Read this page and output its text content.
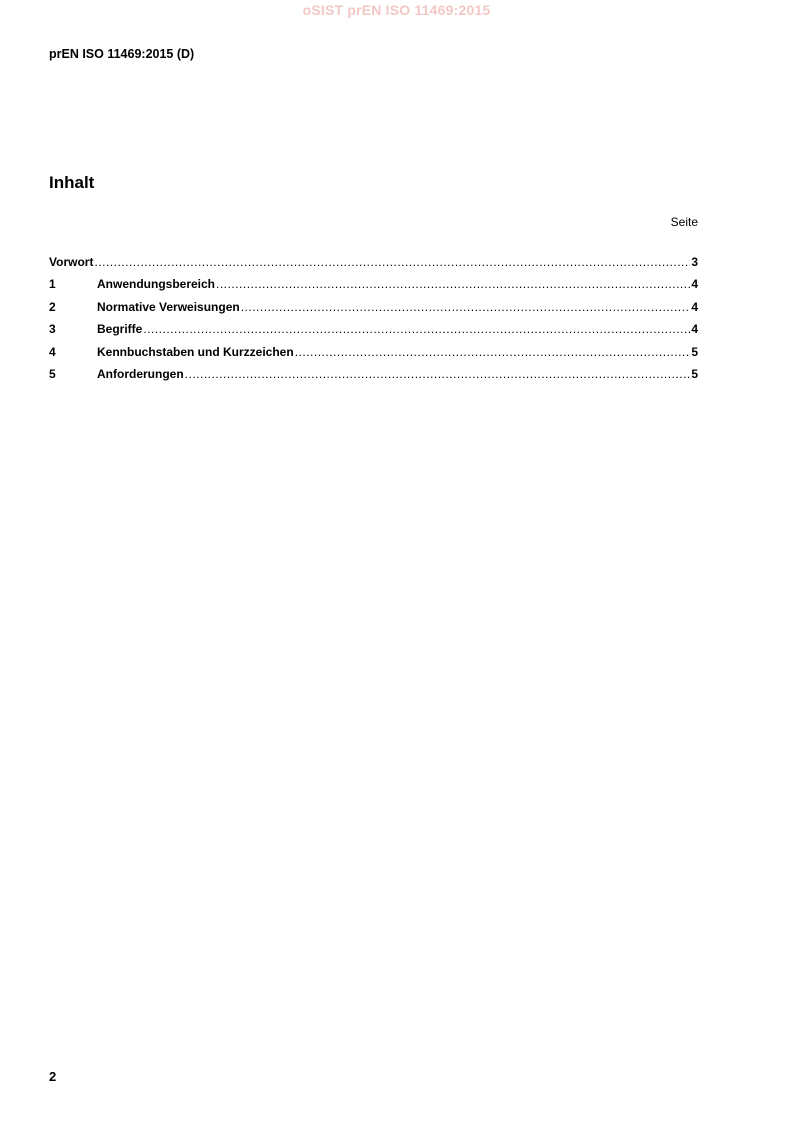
oSIST prEN ISO 11469:2015
prEN ISO 11469:2015 (D)
Inhalt
Seite
Vorwort .....	3
1	Anwendungsbereich .....	4
2	Normative Verweisungen .....	4
3	Begriffe .....	4
4	Kennbuchstaben und Kurzzeichen .....	5
5	Anforderungen .....	5
2
